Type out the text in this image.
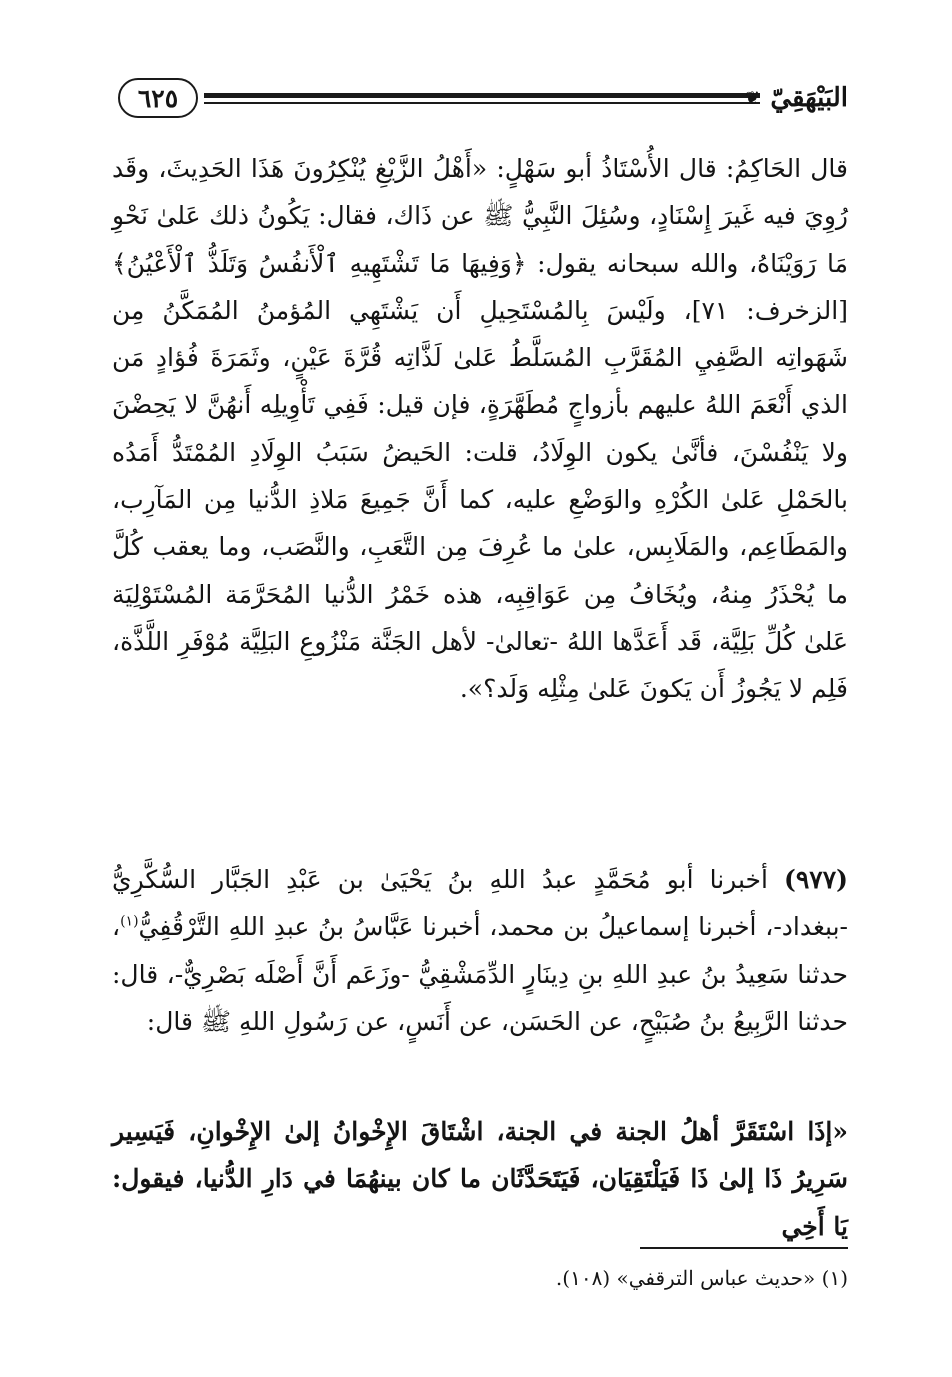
٦٢٥	❦ البَيْهَقِيّ

قال الحَاكِمُ: قال الأُسْتَاذُ أبو سَهْلٍ: «أَهْلُ الزَّيْغِ يُنْكِرُونَ هَذَا الحَدِيثَ، وقَد رُوِيَ فيه غَيرَ إِسْنَادٍ، وسُئِلَ النَّبِيُّ ﷺ عن ذَاك، فقال: يَكُونُ ذلك عَلىٰ نَحْوِ مَا رَوَيْنَاهُ، والله سبحانه يقول: ﴿وَفِيهَا مَا تَشْتَهِيهِ ٱلْأَنفُسُ وَتَلَذُّ ٱلْأَعْيُنُ﴾ [الزخرف: ٧١]، ولَيْسَ بِالمُسْتَحِيلِ أَن يَشْتَهِي المُؤمنُ المُمَكَّنُ مِن شَهَواتِه الصَّفِيِ المُقَرَّبِ المُسَلَّطُ عَلىٰ لَذَّاتِه قُرَّةَ عَيْنٍ، وثَمَرَةَ فُؤادٍ مَن الذي أَنْعَمَ اللهُ عليهم بأزواجٍ مُطَهَّرَةٍ، فإن قيل: فَفِي تَأْوِيلِه أَنهُنَّ لا يَحِضْنَ ولا يَنْفُسْنَ، فأنَّىٰ يكون الوِلَادُ، قلت: الحَيضُ سَبَبُ الوِلَادِ المُمْتَدُّ أَمَدُه بالحَمْلِ عَلىٰ الكُرْهِ والوَضْعِ عليه، كما أَنَّ جَمِيعَ مَلاذِ الدُّنيا مِن المَآرِب، والمَطَاعِم، والمَلَابِس، علىٰ ما عُرِفَ مِن التَّعَبِ، والنَّصَب، وما يعقب كُلَّ ما يُحْذَرُ مِنهُ، ويُخَافُ مِن عَوَاقِبِه، هذه خَمْرُ الدُّنيا المُحَرَّمَة المُسْتَوْلِيَة عَلىٰ كُلِّ بَلِيَّة، قَد أَعَدَّها اللهُ -تعالىٰ- لأهل الجَنَّة مَنْزُوعِ البَلِيَّة مُوْفَرِ اللَّذَّة، فَلِم لا يَجُوزُ أَن يَكونَ عَلىٰ مِثْلِه وَلَد؟».

(٩٧٧) أخبرنا أبو مُحَمَّدٍ عبدُ اللهِ بنُ يَحْيَىٰ بن عَبْدِ الجَبَّار السُّكَّرِيُّ -ببغداد-، أخبرنا إسماعيلُ بن محمد، أخبرنا عَبَّاسُ بنُ عبدِ اللهِ التَّرْقُفِيُّ$^{(١)}$، حدثنا سَعِيدُ بنُ عبدِ اللهِ بنِ دِينَارٍ الدِّمَشْقِيُّ -وزَعَم أَنَّ أَصْلَه بَصْرِيٌّ-، قال: حدثنا الرَّبِيعُ بنُ صُبَيْحٍ، عن الحَسَن، عن أَنَسٍ، عن رَسُولِ اللهِ ﷺ قال:

«إذَا اسْتَقَرَّ أهلُ الجنة في الجنة، اشْتَاقَ الإِخْوانُ إلىٰ الإِخْوانِ، فَيَسِير سَرِيرُ ذَا إلىٰ ذَا فَيَلْتَقِيَان، فَيَتَحَدَّثَان ما كان بينهُمَا في دَارِ الدُّنيا، فيقول: يَا أَخِي

(١) «حديث عباس الترقفي» (١٠٨).
